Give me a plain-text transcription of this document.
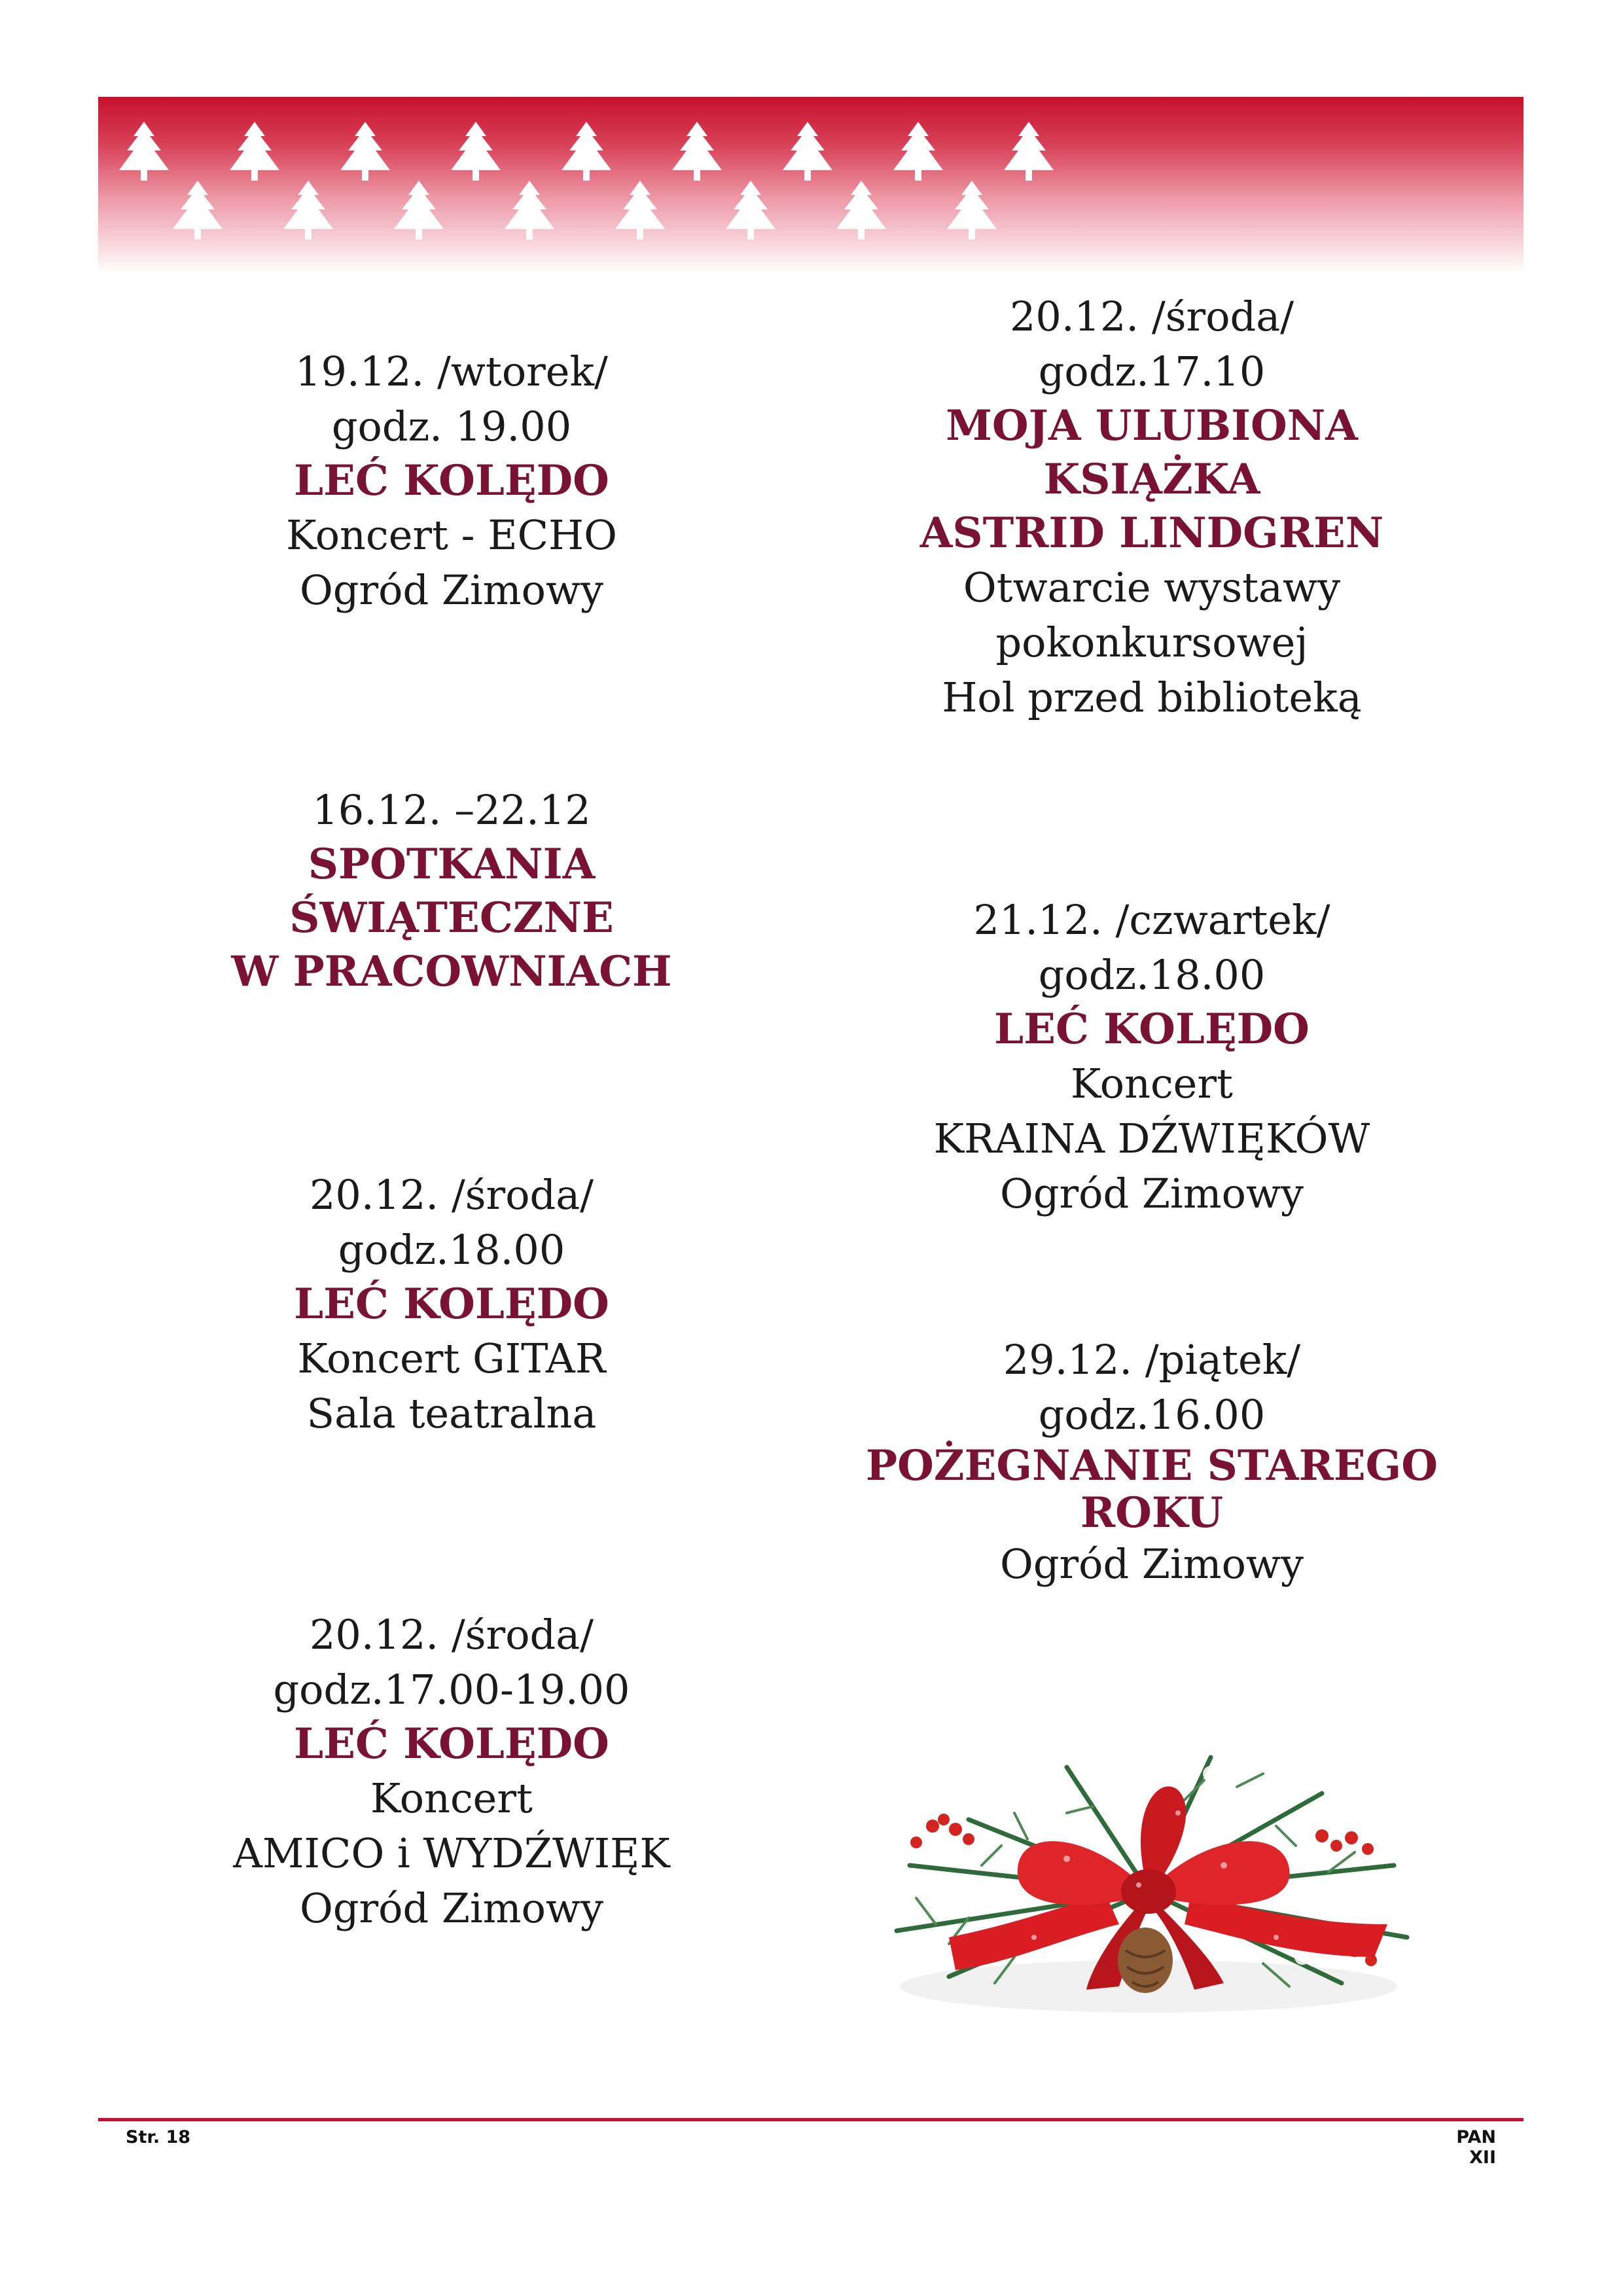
19.12. /wtorek/
godz. 19.00
LEĆ KOLĘDO
Koncert - ECHO
Ogród Zimowy
16.12. –22.12
SPOTKANIA
ŚWIĄTECZNE
W PRACOWNIACH
20.12. /środa/
godz.18.00
LEĆ KOLĘDO
Koncert GITAR
Sala teatralna
20.12. /środa/
godz.17.00-19.00
LEĆ KOLĘDO
Koncert
AMICO i WYDŹWIĘK
Ogród Zimowy
20.12. /środa/
godz.17.10
MOJA ULUBIONA
KSIĄŻKA
ASTRID LINDGREN
Otwarcie wystawy
pokonkursowej
Hol przed biblioteką
21.12. /czwartek/
godz.18.00
LEĆ KOLĘDO
Koncert
KRAINA DŹWIĘKÓW
Ogród Zimowy
29.12. /piątek/
godz.16.00
POŻEGNANIE STAREGO
ROKU
Ogród Zimowy
Str. 18	PAN XII
